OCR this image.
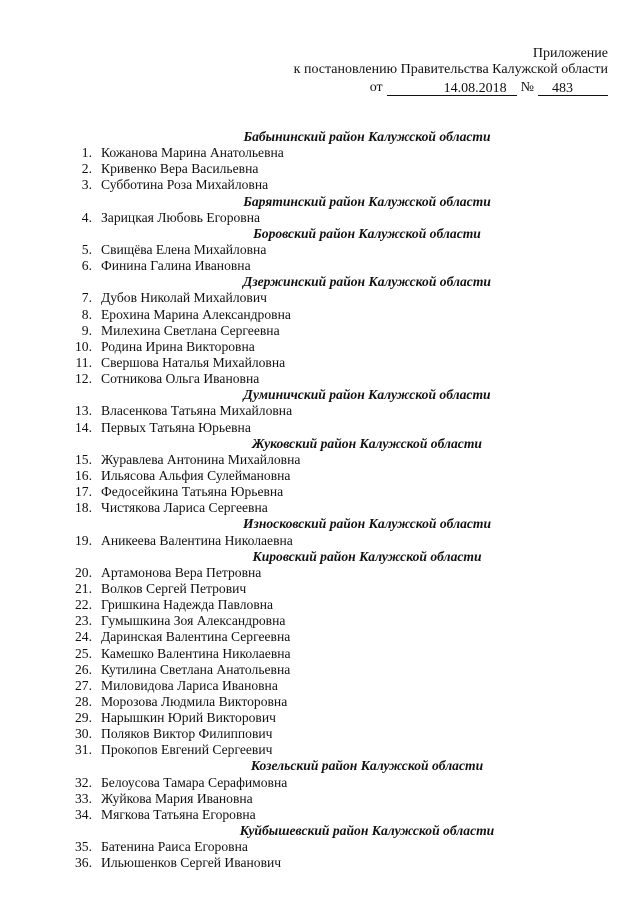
Приложение
к постановлению Правительства Калужской области
от	14.08.2018	№	483
Бабынинский район Калужской области
1. Кожанова Марина Анатольевна
2. Кривенко Вера Васильевна
3. Субботина Роза Михайловна
Барятинский район Калужской области
4. Зарицкая Любовь Егоровна
Боровский район Калужской области
5. Свищёва Елена Михайловна
6. Финина Галина Ивановна
Дзержинский район Калужской области
7. Дубов Николай Михайлович
8. Ерохина Марина Александровна
9. Милехина Светлана Сергеевна
10. Родина Ирина Викторовна
11. Свершова Наталья Михайловна
12. Сотникова Ольга Ивановна
Думиничский район Калужской области
13. Власенкова Татьяна Михайловна
14. Первых Татьяна Юрьевна
Жуковский район Калужской области
15. Журавлева Антонина Михайловна
16. Ильясова Альфия Сулеймановна
17. Федосейкина Татьяна Юрьевна
18. Чистякова Лариса Сергеевна
Износковский район Калужской области
19. Аникеева Валентина Николаевна
Кировский район Калужской области
20. Артамонова Вера Петровна
21. Волков Сергей Петрович
22. Гришкина Надежда Павловна
23. Гумышкина Зоя Александровна
24. Даринская Валентина Сергеевна
25. Камешко Валентина Николаевна
26. Кутилина Светлана Анатольевна
27. Миловидова Лариса Ивановна
28. Морозова Людмила Викторовна
29. Нарышкин Юрий Викторович
30. Поляков Виктор Филиппович
31. Прокопов Евгений Сергеевич
Козельский район Калужской области
32. Белоусова Тамара Серафимовна
33. Жуйкова Мария Ивановна
34. Мягкова Татьяна Егоровна
Куйбышевский район Калужской области
35. Батенина Раиса Егоровна
36. Ильюшенков Сергей Иванович
